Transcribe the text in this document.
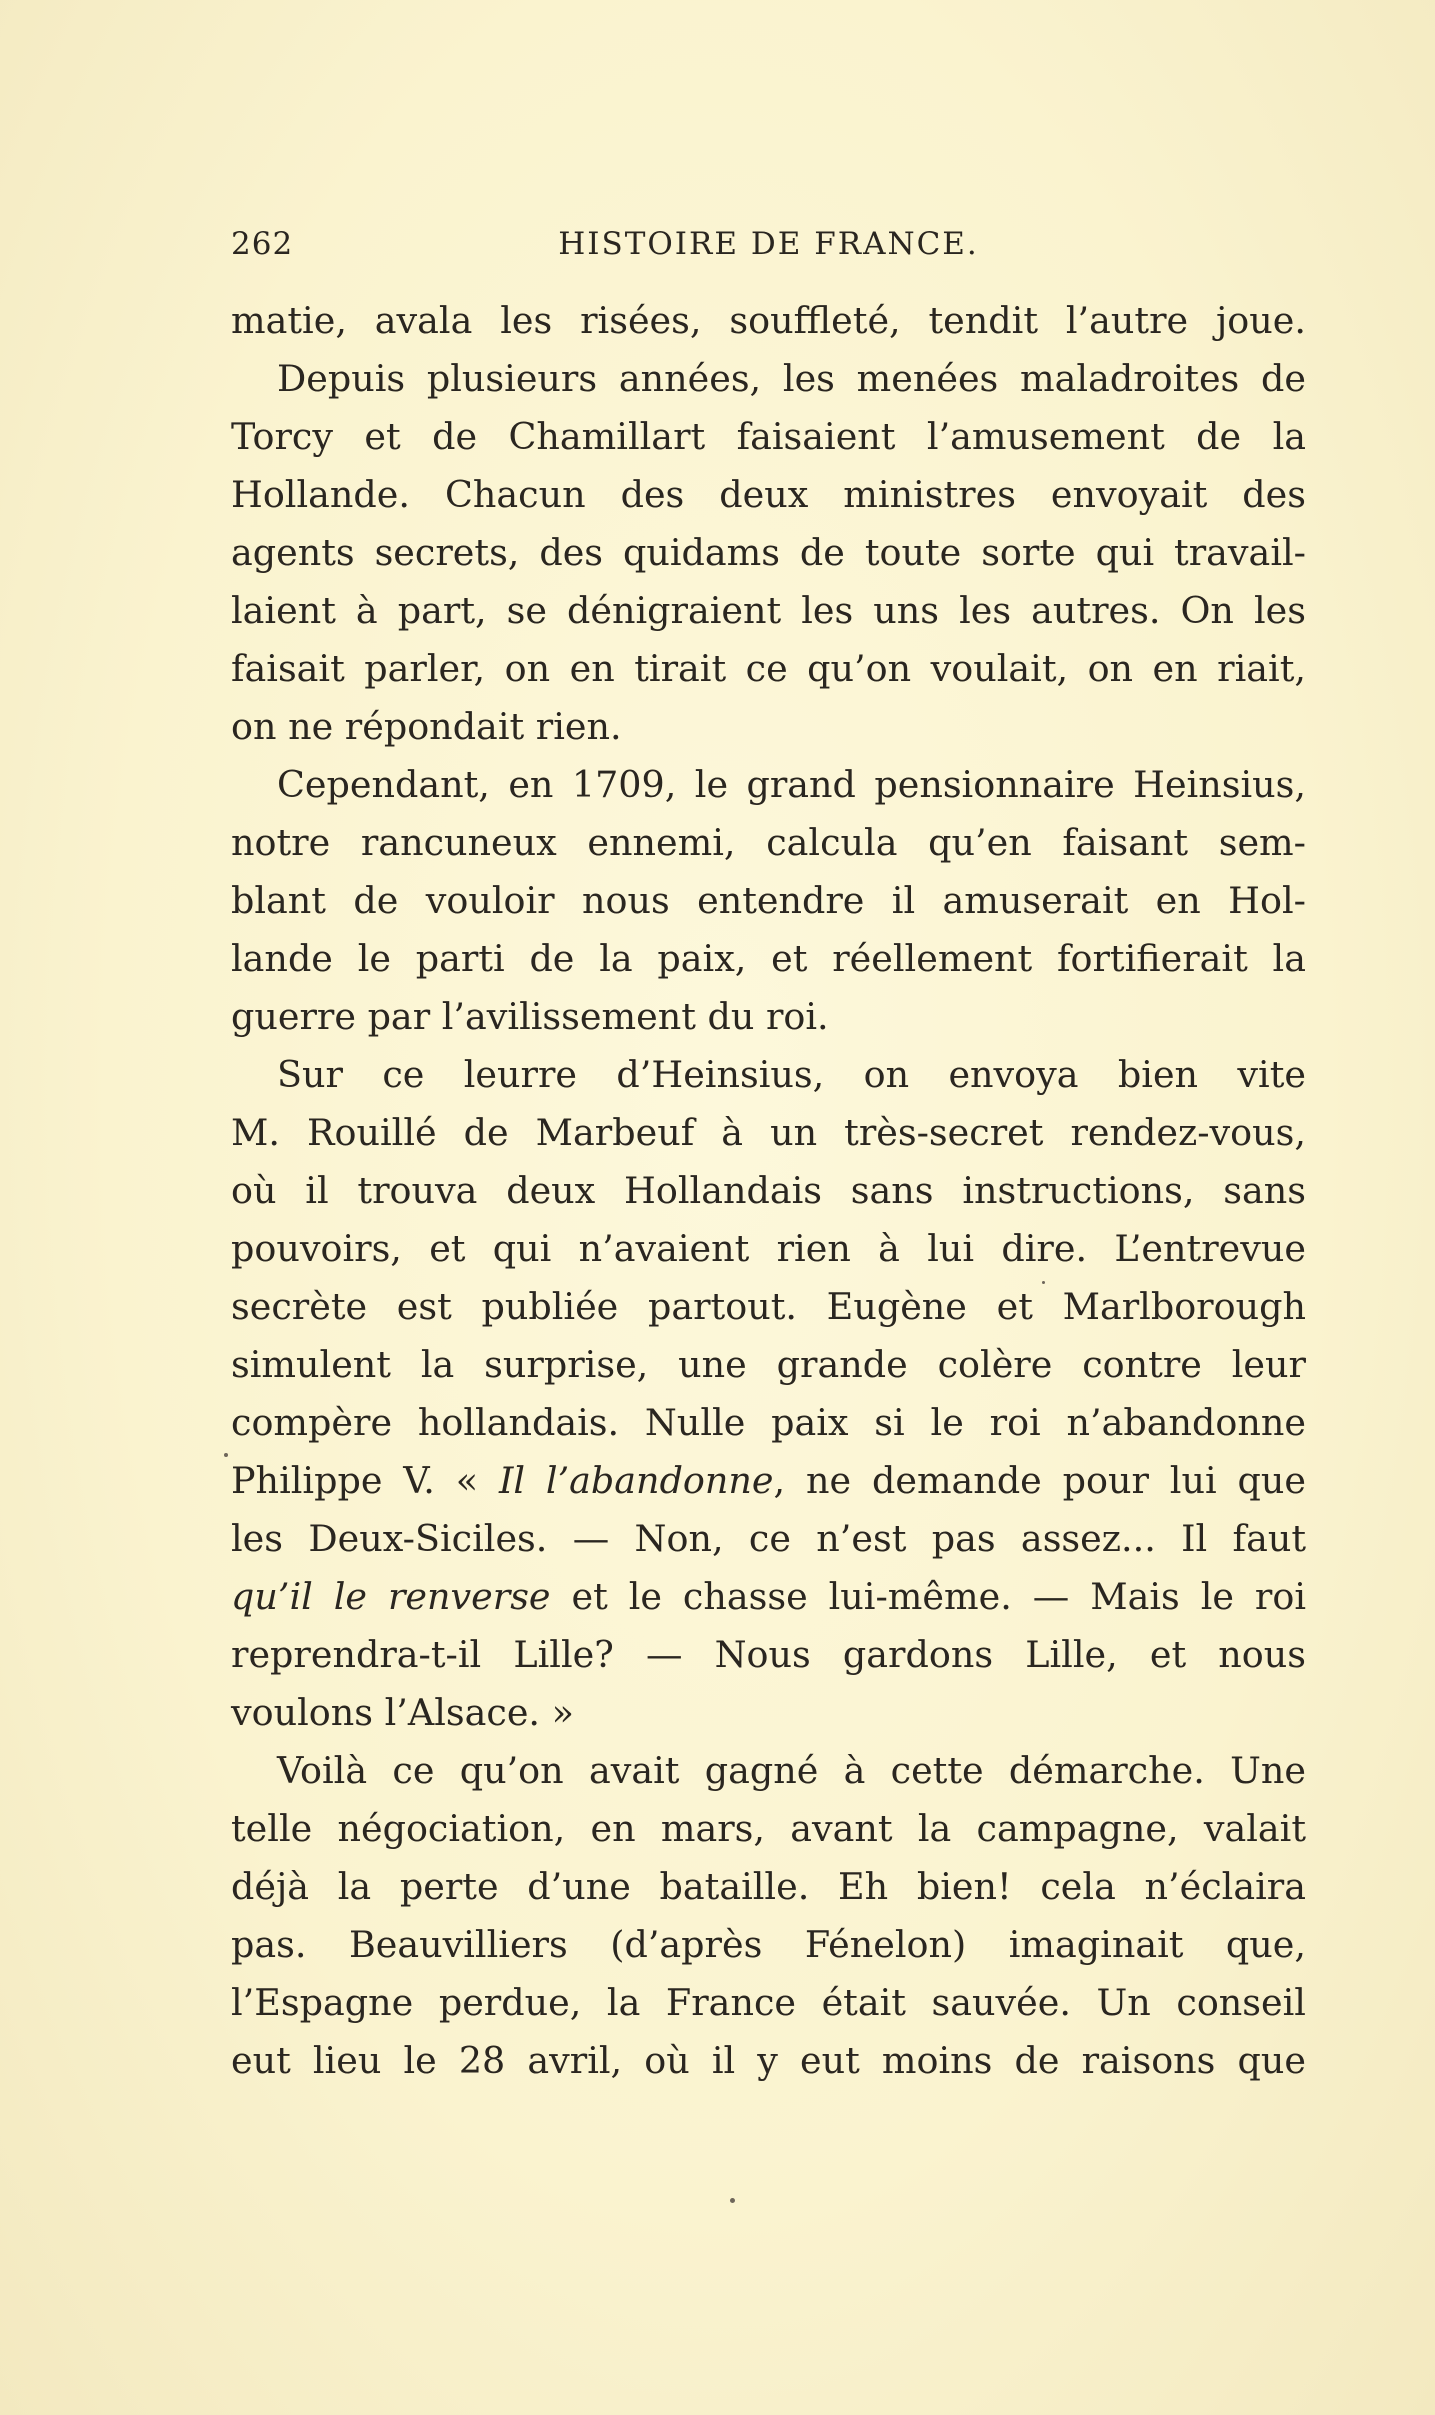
262	HISTOIRE DE FRANCE.
matie, avala les risées, souffleté, tendit l’autre joue.
Depuis plusieurs années, les menées maladroites de
Torcy et de Chamillart faisaient l’amusement de la
Hollande. Chacun des deux ministres envoyait des
agents secrets, des quidams de toute sorte qui travail-
laient à part, se dénigraient les uns les autres. On les
faisait parler, on en tirait ce qu’on voulait, on en riait,
on ne répondait rien.
Cependant, en 1709, le grand pensionnaire Heinsius,
notre rancuneux ennemi, calcula qu’en faisant sem-
blant de vouloir nous entendre il amuserait en Hol-
lande le parti de la paix, et réellement fortifierait la
guerre par l’avilissement du roi.
Sur ce leurre d’Heinsius, on envoya bien vite
M. Rouillé de Marbeuf à un très-secret rendez-vous,
où il trouva deux Hollandais sans instructions, sans
pouvoirs, et qui n’avaient rien à lui dire. L’entrevue
secrète est publiée partout. Eugène et Marlborough
simulent la surprise, une grande colère contre leur
compère hollandais. Nulle paix si le roi n’abandonne
Philippe V. « Il l’abandonne, ne demande pour lui que
les Deux-Siciles. — Non, ce n’est pas assez... Il faut
qu’il le renverse et le chasse lui-même. — Mais le roi
reprendra-t-il Lille? — Nous gardons Lille, et nous
voulons l’Alsace. »
Voilà ce qu’on avait gagné à cette démarche. Une
telle négociation, en mars, avant la campagne, valait
déjà la perte d’une bataille. Eh bien! cela n’éclaira
pas. Beauvilliers (d’après Fénelon) imaginait que,
l’Espagne perdue, la France était sauvée. Un conseil
eut lieu le 28 avril, où il y eut moins de raisons que
